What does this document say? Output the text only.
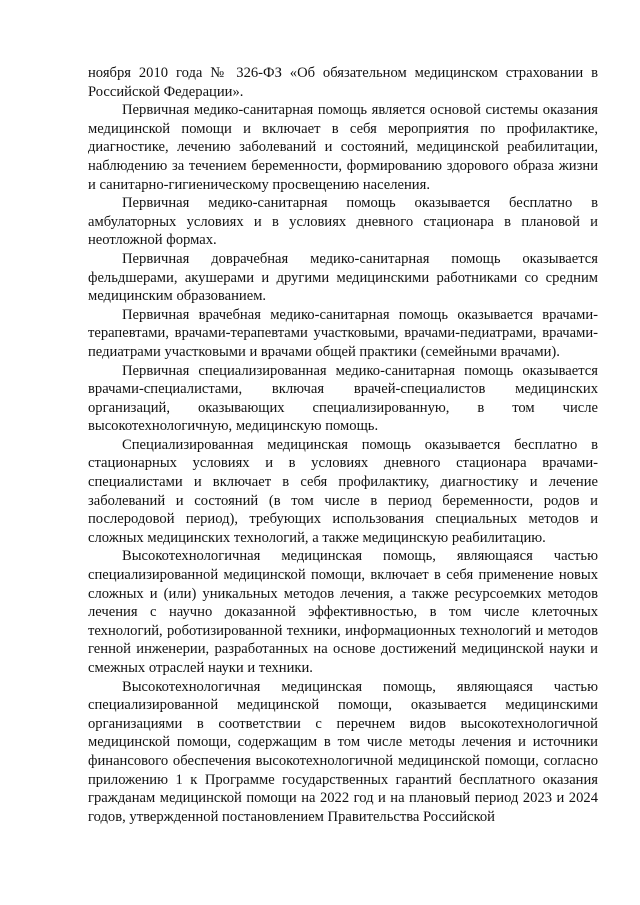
ноября 2010 года № 326-ФЗ «Об обязательном медицинском страховании в Российской Федерации».

Первичная медико-санитарная помощь является основой системы оказания медицинской помощи и включает в себя мероприятия по профилактике, диагностике, лечению заболеваний и состояний, медицинской реабилитации, наблюдению за течением беременности, формированию здорового образа жизни и санитарно-гигиеническому просвещению населения.

Первичная медико-санитарная помощь оказывается бесплатно в амбулаторных условиях и в условиях дневного стационара в плановой и неотложной формах.

Первичная доврачебная медико-санитарная помощь оказывается фельдшерами, акушерами и другими медицинскими работниками со средним медицинским образованием.

Первичная врачебная медико-санитарная помощь оказывается врачами-терапевтами, врачами-терапевтами участковыми, врачами-педиатрами, врачами-педиатрами участковыми и врачами общей практики (семейными врачами).

Первичная специализированная медико-санитарная помощь оказывается врачами-специалистами, включая врачей-специалистов медицинских организаций, оказывающих специализированную, в том числе высокотехнологичную, медицинскую помощь.

Специализированная медицинская помощь оказывается бесплатно в стационарных условиях и в условиях дневного стационара врачами-специалистами и включает в себя профилактику, диагностику и лечение заболеваний и состояний (в том числе в период беременности, родов и послеродовой период), требующих использования специальных методов и сложных медицинских технологий, а также медицинскую реабилитацию.

Высокотехнологичная медицинская помощь, являющаяся частью специализированной медицинской помощи, включает в себя применение новых сложных и (или) уникальных методов лечения, а также ресурсоемких методов лечения с научно доказанной эффективностью, в том числе клеточных технологий, роботизированной техники, информационных технологий и методов генной инженерии, разработанных на основе достижений медицинской науки и смежных отраслей науки и техники.

Высокотехнологичная медицинская помощь, являющаяся частью специализированной медицинской помощи, оказывается медицинскими организациями в соответствии с перечнем видов высокотехнологичной медицинской помощи, содержащим в том числе методы лечения и источники финансового обеспечения высокотехнологичной медицинской помощи, согласно приложению 1 к Программе государственных гарантий бесплатного оказания гражданам медицинской помощи на 2022 год и на плановый период 2023 и 2024 годов, утвержденной постановлением Правительства Российской
